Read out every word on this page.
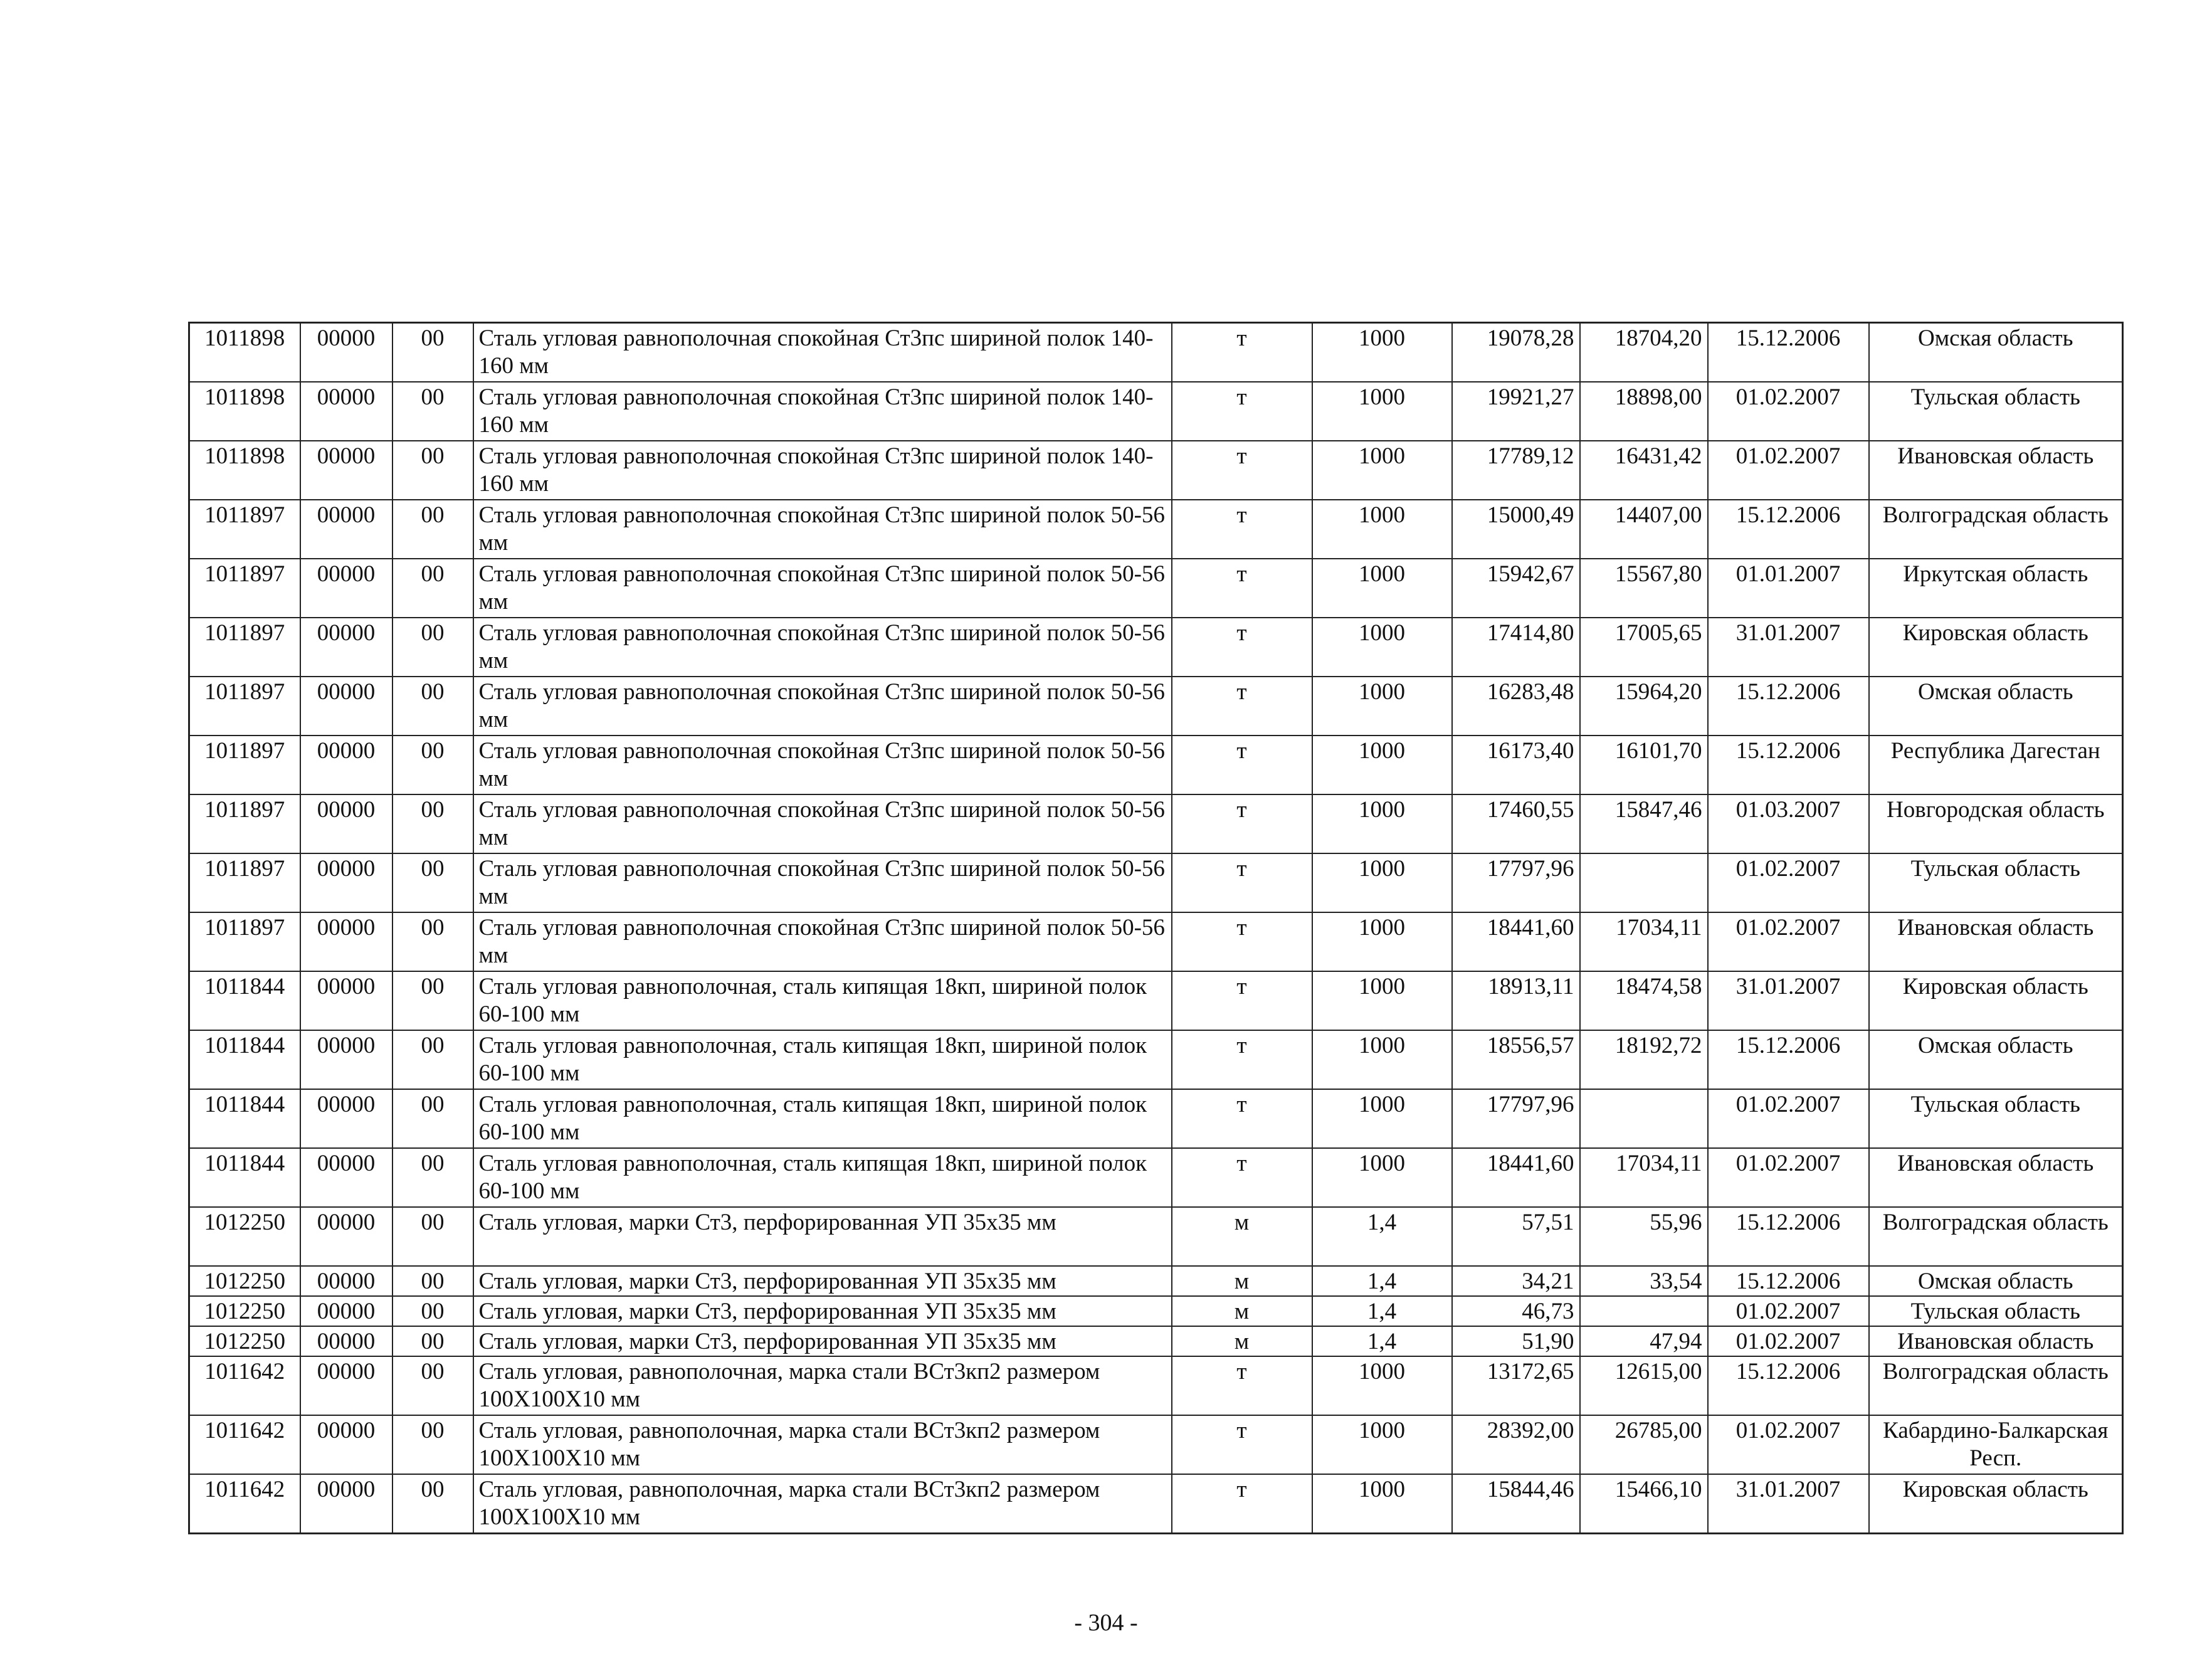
1011898	00000	00	Сталь угловая равнополочная спокойная Ст3пс шириной полок 140-160 мм	т	1000	19078,28	18704,20	15.12.2006	Омская область
1011898	00000	00	Сталь угловая равнополочная спокойная Ст3пс шириной полок 140-160 мм	т	1000	19921,27	18898,00	01.02.2007	Тульская область
1011898	00000	00	Сталь угловая равнополочная спокойная Ст3пс шириной полок 140-160 мм	т	1000	17789,12	16431,42	01.02.2007	Ивановская область
1011897	00000	00	Сталь угловая равнополочная спокойная Ст3пс шириной полок 50-56 мм	т	1000	15000,49	14407,00	15.12.2006	Волгоградская область
1011897	00000	00	Сталь угловая равнополочная спокойная Ст3пс шириной полок 50-56 мм	т	1000	15942,67	15567,80	01.01.2007	Иркутская область
1011897	00000	00	Сталь угловая равнополочная спокойная Ст3пс шириной полок 50-56 мм	т	1000	17414,80	17005,65	31.01.2007	Кировская область
1011897	00000	00	Сталь угловая равнополочная спокойная Ст3пс шириной полок 50-56 мм	т	1000	16283,48	15964,20	15.12.2006	Омская область
1011897	00000	00	Сталь угловая равнополочная спокойная Ст3пс шириной полок 50-56 мм	т	1000	16173,40	16101,70	15.12.2006	Республика Дагестан
1011897	00000	00	Сталь угловая равнополочная спокойная Ст3пс шириной полок 50-56 мм	т	1000	17460,55	15847,46	01.03.2007	Новгородская область
1011897	00000	00	Сталь угловая равнополочная спокойная Ст3пс шириной полок 50-56 мм	т	1000	17797,96		01.02.2007	Тульская область
1011897	00000	00	Сталь угловая равнополочная спокойная Ст3пс шириной полок 50-56 мм	т	1000	18441,60	17034,11	01.02.2007	Ивановская область
1011844	00000	00	Сталь угловая равнополочная, сталь кипящая 18кп, шириной полок 60-100 мм	т	1000	18913,11	18474,58	31.01.2007	Кировская область
1011844	00000	00	Сталь угловая равнополочная, сталь кипящая 18кп, шириной полок 60-100 мм	т	1000	18556,57	18192,72	15.12.2006	Омская область
1011844	00000	00	Сталь угловая равнополочная, сталь кипящая 18кп, шириной полок 60-100 мм	т	1000	17797,96		01.02.2007	Тульская область
1011844	00000	00	Сталь угловая равнополочная, сталь кипящая 18кп, шириной полок 60-100 мм	т	1000	18441,60	17034,11	01.02.2007	Ивановская область
1012250	00000	00	Сталь угловая, марки Ст3, перфорированная УП 35х35 мм	м	1,4	57,51	55,96	15.12.2006	Волгоградская область
1012250	00000	00	Сталь угловая, марки Ст3, перфорированная УП 35х35 мм	м	1,4	34,21	33,54	15.12.2006	Омская область
1012250	00000	00	Сталь угловая, марки Ст3, перфорированная УП 35х35 мм	м	1,4	46,73		01.02.2007	Тульская область
1012250	00000	00	Сталь угловая, марки Ст3, перфорированная УП 35х35 мм	м	1,4	51,90	47,94	01.02.2007	Ивановская область
1011642	00000	00	Сталь угловая, равнополочная, марка стали ВСт3кп2 размером 100Х100Х10 мм	т	1000	13172,65	12615,00	15.12.2006	Волгоградская область
1011642	00000	00	Сталь угловая, равнополочная, марка стали ВСт3кп2 размером 100Х100Х10 мм	т	1000	28392,00	26785,00	01.02.2007	Кабардино-Балкарская Респ.
1011642	00000	00	Сталь угловая, равнополочная, марка стали ВСт3кп2 размером 100Х100Х10 мм	т	1000	15844,46	15466,10	31.01.2007	Кировская область
- 304 -
